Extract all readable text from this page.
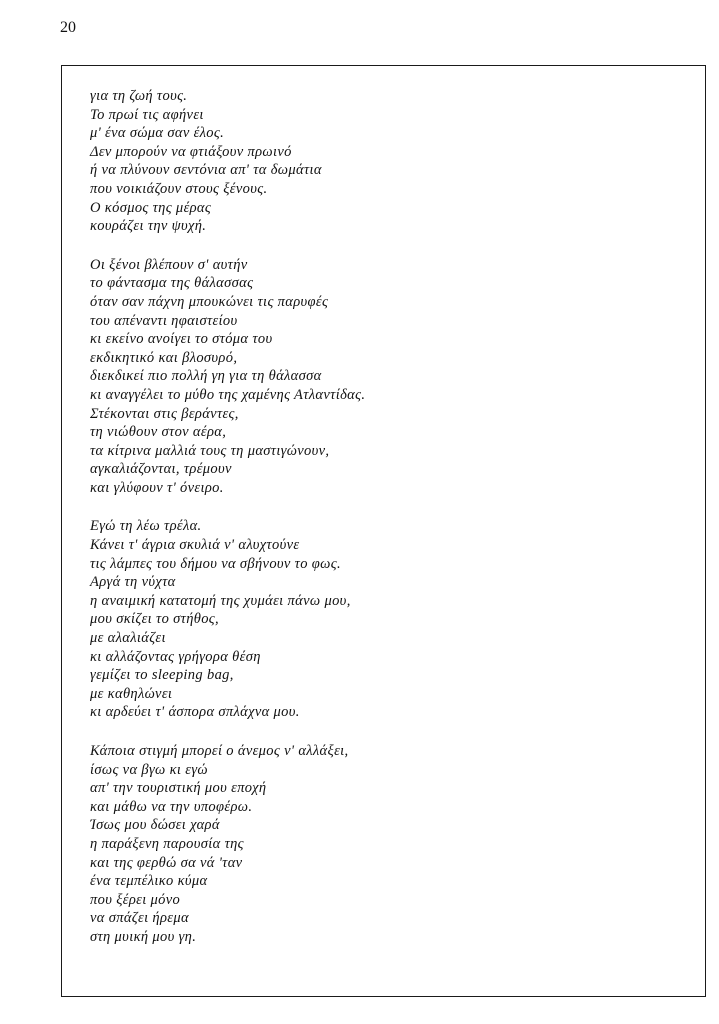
20
για τη ζωή τους.
Το πρωί τις αφήνει
μ' ένα σώμα σαν έλος.
Δεν μπορούν να φτιάξουν πρωινό
ή να πλύνουν σεντόνια απ' τα δωμάτια
που νοικιάζουν στους ξένους.
Ο κόσμος της μέρας
κουράζει την ψυχή.
Οι ξένοι βλέπουν σ' αυτήν
το φάντασμα της θάλασσας
όταν σαν πάχνη μπουκώνει τις παρυφές
του απέναντι ηφαιστείου
κι εκείνο ανοίγει το στόμα του
εκδικητικό και βλοσυρό,
διεκδικεί πιο πολλή γη για τη θάλασσα
κι αναγγέλει το μύθο της χαμένης Ατλαντίδας.
Στέκονται στις βεράντες,
τη νιώθουν στον αέρα,
τα κίτρινα μαλλιά τους τη μαστιγώνουν,
αγκαλιάζονται, τρέμουν
και γλύφουν τ' όνειρο.
Εγώ τη λέω τρέλα.
Κάνει τ' άγρια σκυλιά ν' αλυχτούνε
τις λάμπες του δήμου να σβήνουν το φως.
Αργά τη νύχτα
η αναιμική κατατομή της χυμάει πάνω μου,
μου σκίζει το στήθος,
με αλαλιάζει
κι αλλάζοντας γρήγορα θέση
γεμίζει το sleeping bag,
με καθηλώνει
κι αρδεύει τ' άσπορα σπλάχνα μου.
Κάποια στιγμή μπορεί ο άνεμος ν' αλλάξει,
ίσως να βγω κι εγώ
απ' την τουριστική μου εποχή
και μάθω να την υποφέρω.
Ίσως μου δώσει χαρά
η παράξενη παρουσία της
και της φερθώ σα νά 'ταν
ένα τεμπέλικο κύμα
που ξέρει μόνο
να σπάζει ήρεμα
στη μυική μου γη.
